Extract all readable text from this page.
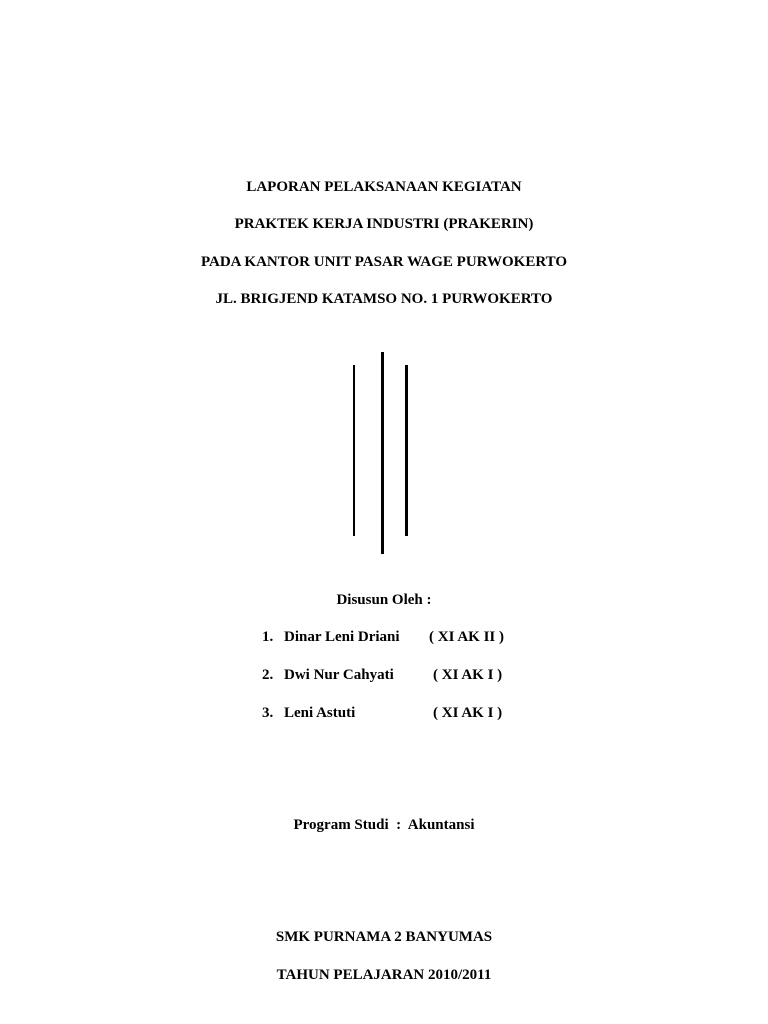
LAPORAN PELAKSANAAN KEGIATAN
PRAKTEK KERJA INDUSTRI (PRAKERIN)
PADA KANTOR UNIT PASAR WAGE PURWOKERTO
JL. BRIGJEND KATAMSO NO. 1 PURWOKERTO
Disusun Oleh :
1. Dinar Leni Driani ( XI AK II )
2. Dwi Nur Cahyati	( XI AK I )
3. Leni Astuti	( XI AK I )
Program Studi  :  Akuntansi
SMK PURNAMA 2 BANYUMAS
TAHUN PELAJARAN 2010/2011
